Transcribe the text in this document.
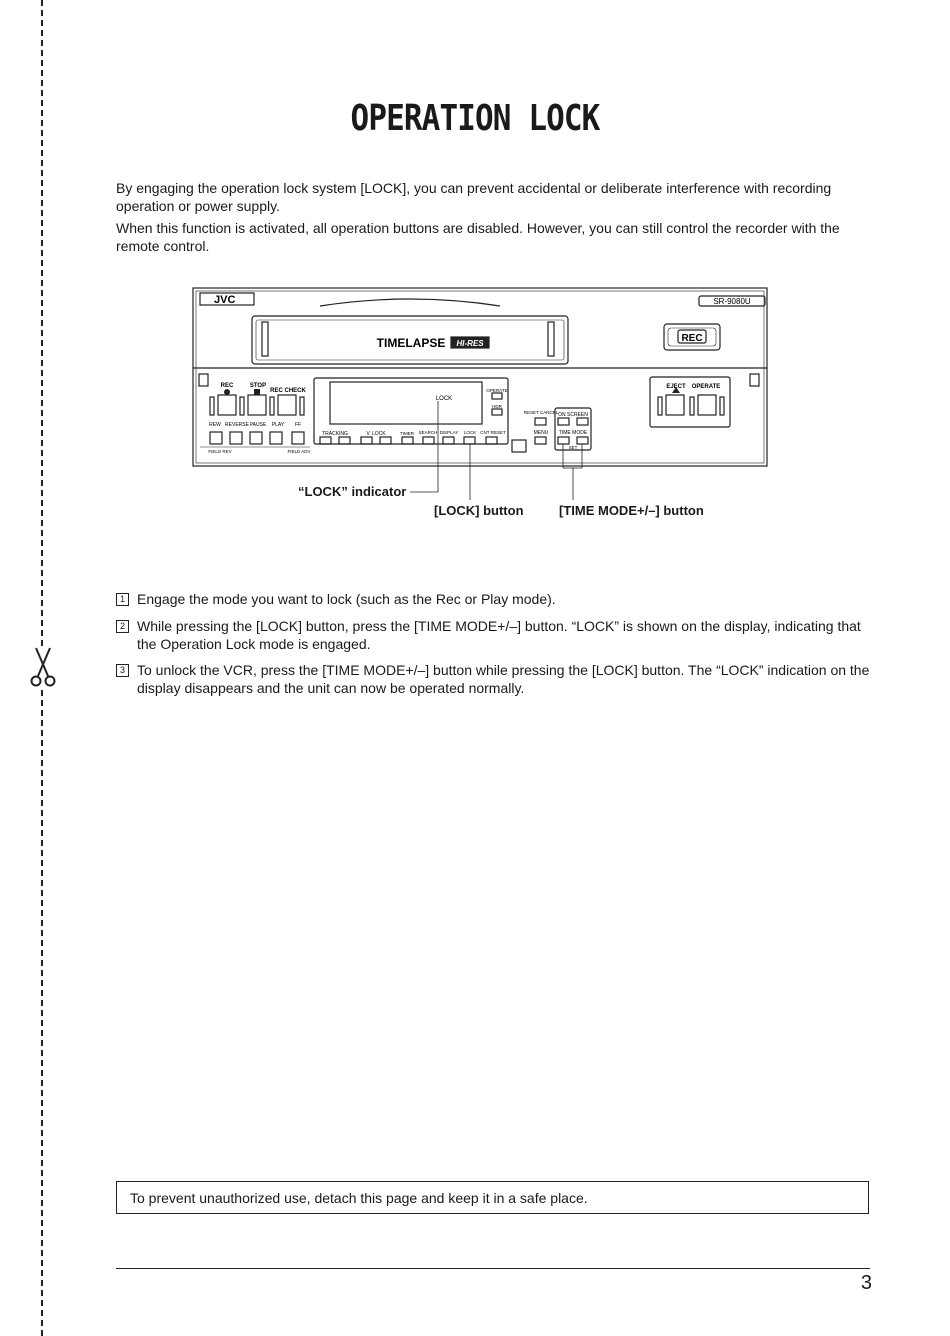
OPERATION LOCK
By engaging the operation lock system [LOCK], you can prevent accidental or deliberate interference with recording operation or power supply.
When this function is activated, all operation buttons are disabled. However, you can still control the recorder with the remote control.
JVC	SR-9080U
TIMELAPSE HI-RES	REC
LOCK
REC	STOP
REC CHECK	OPERATE
HDR
RESET CANCEL ON SCREEN
MENU TIME MODE
SET
EJECT OPERATE
REW REVERSE PAUSE PLAY FF
FIELD REV	FIELD ADV
TRACKING	V. LOCK	TIMER SEARCH DISPLAY LOCK CNT RESET
“LOCK” indicator
[LOCK] button	[TIME MODE+/–] button
1 Engage the mode you want to lock (such as the Rec or Play mode).
2 While pressing the [LOCK] button, press the [TIME MODE+/–] button. “LOCK” is shown on the display, indicating that the Operation Lock mode is engaged.
3 To unlock the VCR, press the [TIME MODE+/–] button while pressing the [LOCK] button. The “LOCK” indication on the display disappears and the unit can now be operated normally.
To prevent unauthorized use, detach this page and keep it in a safe place.
3
